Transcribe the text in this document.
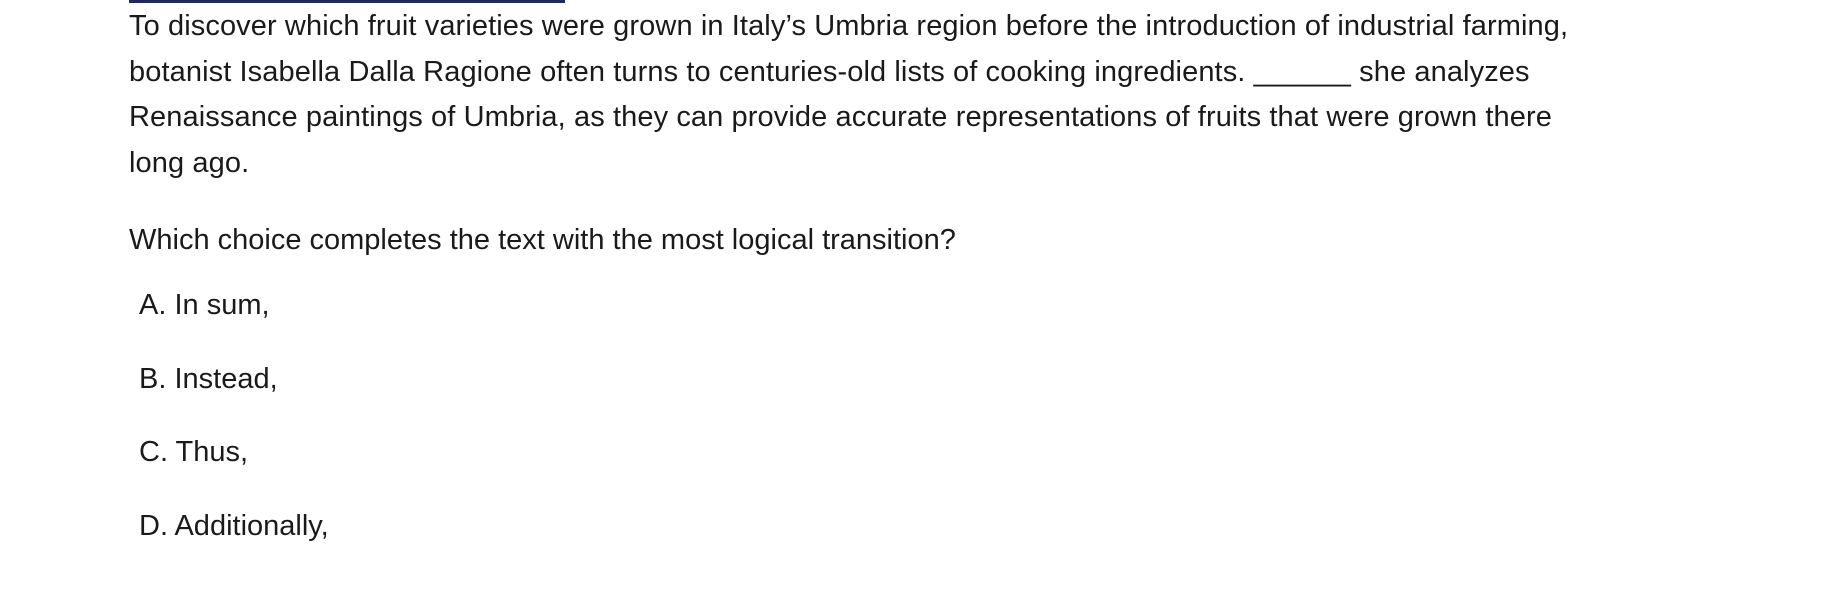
To discover which fruit varieties were grown in Italy’s Umbria region before the introduction of industrial farming,
botanist Isabella Dalla Ragione often turns to centuries-old lists of cooking ingredients. ______ she analyzes
Renaissance paintings of Umbria, as they can provide accurate representations of fruits that were grown there
long ago.

Which choice completes the text with the most logical transition?

A. In sum,
B. Instead,
C. Thus,
D. Additionally,
